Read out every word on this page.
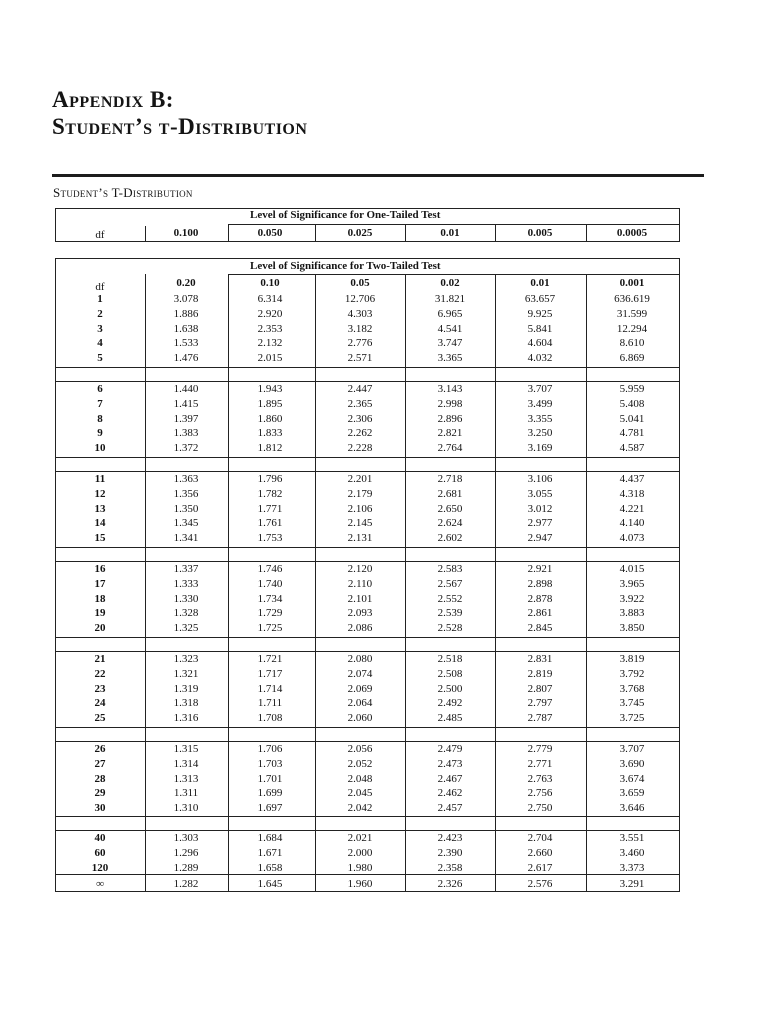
Appendix B:
Student’s t-Distribution
Student’s T-Distribution
Level of Significance for One-Tailed Test
df	0.100	0.050	0.025	0.01	0.005	0.0005
Level of Significance for Two-Tailed Test
df	0.20	0.10	0.05	0.02	0.01	0.001
1	3.078	6.314	12.706	31.821	63.657	636.619
2	1.886	2.920	4.303	6.965	9.925	31.599
3	1.638	2.353	3.182	4.541	5.841	12.294
4	1.533	2.132	2.776	3.747	4.604	8.610
5	1.476	2.015	2.571	3.365	4.032	6.869
6	1.440	1.943	2.447	3.143	3.707	5.959
7	1.415	1.895	2.365	2.998	3.499	5.408
8	1.397	1.860	2.306	2.896	3.355	5.041
9	1.383	1.833	2.262	2.821	3.250	4.781
10	1.372	1.812	2.228	2.764	3.169	4.587
11	1.363	1.796	2.201	2.718	3.106	4.437
12	1.356	1.782	2.179	2.681	3.055	4.318
13	1.350	1.771	2.106	2.650	3.012	4.221
14	1.345	1.761	2.145	2.624	2.977	4.140
15	1.341	1.753	2.131	2.602	2.947	4.073
16	1.337	1.746	2.120	2.583	2.921	4.015
17	1.333	1.740	2.110	2.567	2.898	3.965
18	1.330	1.734	2.101	2.552	2.878	3.922
19	1.328	1.729	2.093	2.539	2.861	3.883
20	1.325	1.725	2.086	2.528	2.845	3.850
21	1.323	1.721	2.080	2.518	2.831	3.819
22	1.321	1.717	2.074	2.508	2.819	3.792
23	1.319	1.714	2.069	2.500	2.807	3.768
24	1.318	1.711	2.064	2.492	2.797	3.745
25	1.316	1.708	2.060	2.485	2.787	3.725
26	1.315	1.706	2.056	2.479	2.779	3.707
27	1.314	1.703	2.052	2.473	2.771	3.690
28	1.313	1.701	2.048	2.467	2.763	3.674
29	1.311	1.699	2.045	2.462	2.756	3.659
30	1.310	1.697	2.042	2.457	2.750	3.646
40	1.303	1.684	2.021	2.423	2.704	3.551
60	1.296	1.671	2.000	2.390	2.660	3.460
120	1.289	1.658	1.980	2.358	2.617	3.373
∞	1.282	1.645	1.960	2.326	2.576	3.291
